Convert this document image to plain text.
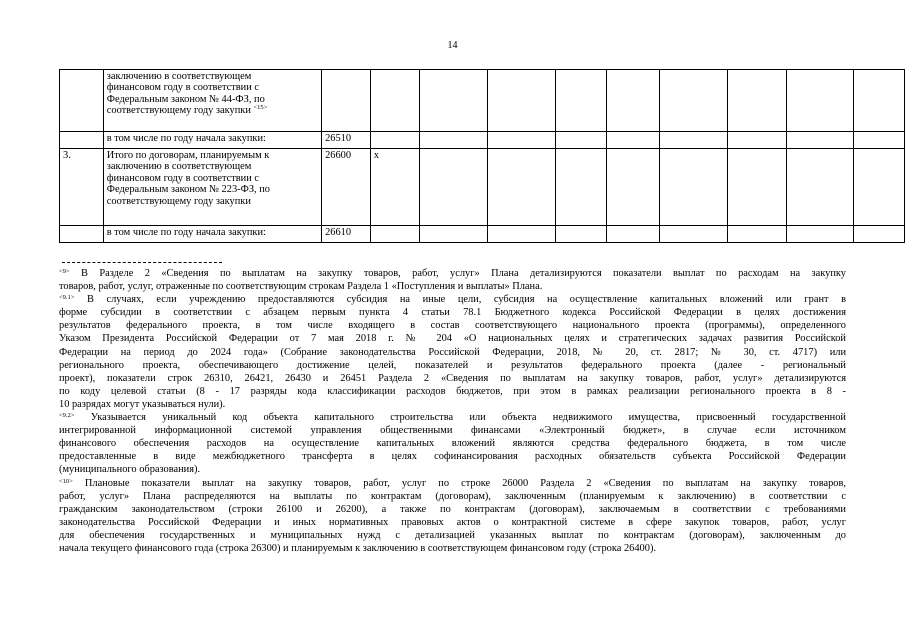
14

	заключению в соответствующем
финансовом году в соответствии с
Федеральным законом № 44-ФЗ, по
соответствующему году закупки $^{<15>}$

	в том числе по году начала закупки:	26510									
3.	Итого по договорам, планируемым к
заключению в соответствующем
финансовом году в соответствии с
Федеральным законом № 223-ФЗ, по
соответствующему году закупки	26600	x								

	в том числе по году начала закупки:	26610									
$^{<9>}$ В Разделе 2 «Сведения по выплатам на закупку товаров, работ, услуг» Плана детализируются показатели выплат по расходам на закупку
товаров, работ, услуг, отраженные по соответствующим строкам Раздела 1 «Поступления и выплаты» Плана.
$^{<9.1>}$ В случаях, если учреждению предоставляются субсидия на иные цели, субсидия на осуществление капитальных вложений или грант в
форме субсидии в соответствии с абзацем первым пункта 4 статьи 78.1 Бюджетного кодекса Российской Федерации в целях достижения
результатов федерального проекта, в том числе входящего в состав соответствующего национального проекта (программы), определенного
Указом Президента Российской Федерации от 7 мая 2018 г. № 204 «О национальных целях и стратегических задачах развития Российской
Федерации на период до 2024 года» (Собрание законодательства Российской Федерации, 2018, № 20, ст. 2817; № 30, ст. 4717) или
регионального проекта, обеспечивающего достижение целей, показателей и результатов федерального проекта (далее - региональный
проект), показатели строк 26310, 26421, 26430 и 26451 Раздела 2 «Сведения по выплатам на закупку товаров, работ, услуг» детализируются
по коду целевой статьи (8 - 17 разряды кода классификации расходов бюджетов, при этом в рамках реализации регионального проекта в 8 -
10 разрядах могут указываться нули).
$^{<9.2>}$ Указывается уникальный код объекта капитального строительства или объекта недвижимого имущества, присвоенный государственной
интегрированной информационной системой управления общественными финансами «Электронный бюджет», в случае если источником
финансового обеспечения расходов на осуществление капитальных вложений являются средства федерального бюджета, в том числе
предоставленные в виде межбюджетного трансферта в целях софинансирования расходных обязательств субъекта Российской Федерации
(муниципального образования).
$^{<10>}$ Плановые показатели выплат на закупку товаров, работ, услуг по строке 26000 Раздела 2 «Сведения по выплатам на закупку товаров,
работ, услуг» Плана распределяются на выплаты по контрактам (договорам), заключенным (планируемым к заключению) в соответствии с
гражданским законодательством (строки 26100 и 26200), а также по контрактам (договорам), заключаемым в соответствии с требованиями
законодательства Российской Федерации и иных нормативных правовых актов о контрактной системе в сфере закупок товаров, работ, услуг
для обеспечения государственных и муниципальных нужд с детализацией указанных выплат по контрактам (договорам), заключенным до
начала текущего финансового года (строка 26300) и планируемым к заключению в соответствующем финансовом году (строка 26400).
